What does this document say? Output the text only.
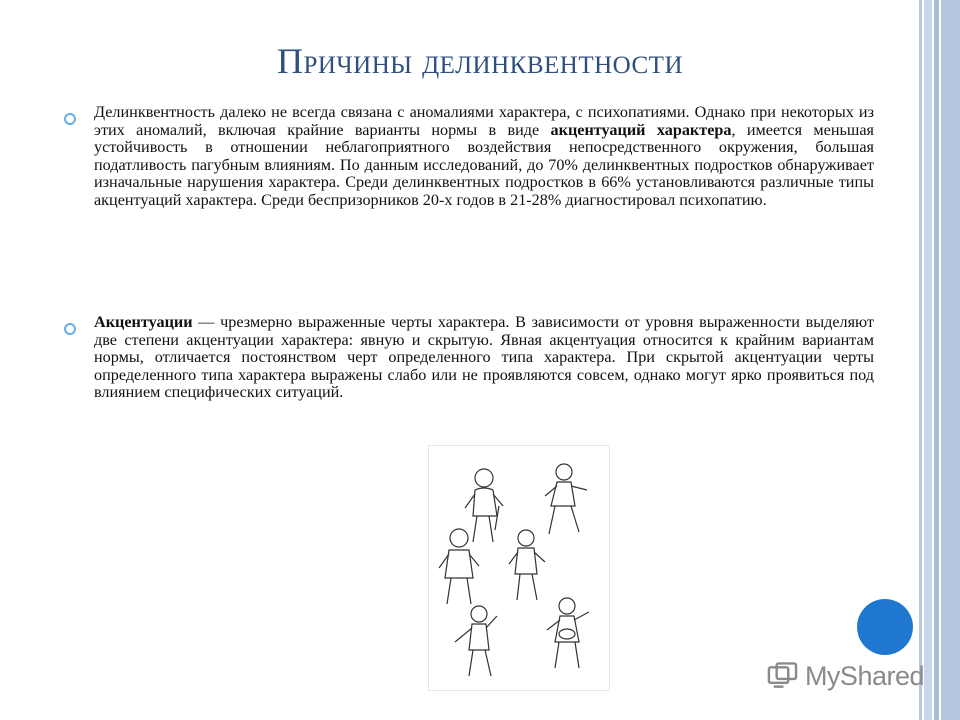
Причины делинквентности

Делинквентность далеко не всегда связана с аномалиями характера, с психопатиями. Однако при некоторых из этих аномалий, включая крайние варианты нормы в виде акцентуаций характера, имеется меньшая устойчивость в отношении неблагоприятного воздействия непосредственного окружения, большая податливость пагубным влияниям. По данным исследований, до 70% делинквентных подростков обнаруживает изначальные нарушения характера. Среди делинквентных подростков в 66% установливаются различные типы акцентуаций характера. Среди беспризорников 20-х годов в 21-28% диагностировал психопатию.

Акцентуации — чрезмерно выраженные черты характера. В зависимости от уровня выраженности выделяют две степени акцентуации характера: явную и скрытую. Явная акцентуация относится к крайним вариантам нормы, отличается постоянством черт определенного типа характера. При скрытой акцентуации черты определенного типа характера выражены слабо или не проявляются совсем, однако могут ярко проявиться под влиянием специфических ситуаций.

MyShared
